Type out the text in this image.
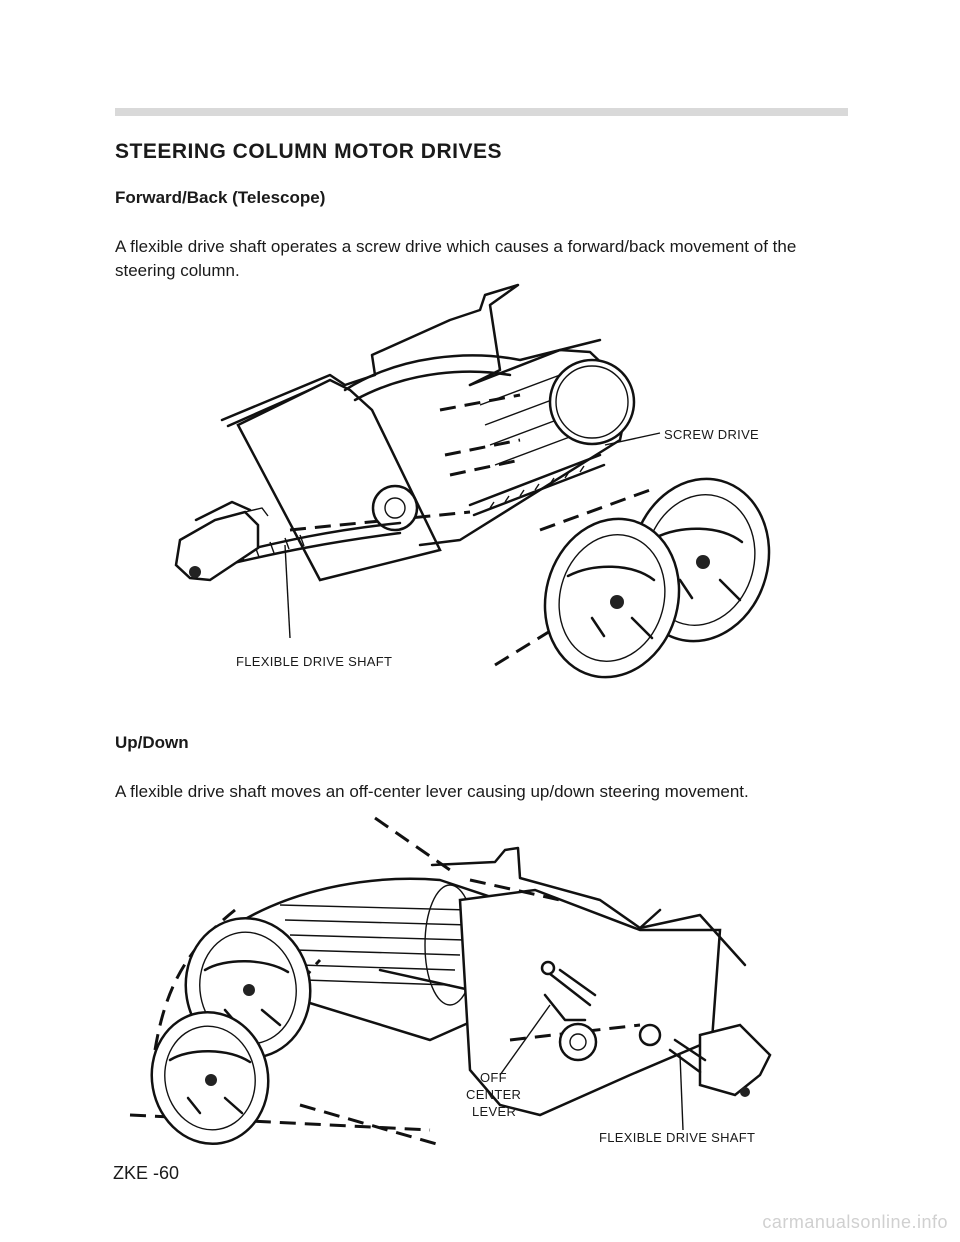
STEERING COLUMN MOTOR DRIVES
Forward/Back (Telescope)

A flexible drive shaft operates a screw drive which causes a forward/back movement of the steering column.

SCREW DRIVE
FLEXIBLE DRIVE SHAFT
Up/Down

A flexible drive shaft moves an off-center lever causing up/down steering movement.

OFF
CENTER
LEVER
FLEXIBLE DRIVE SHAFT
ZKE -60
carmanualsonline.info
